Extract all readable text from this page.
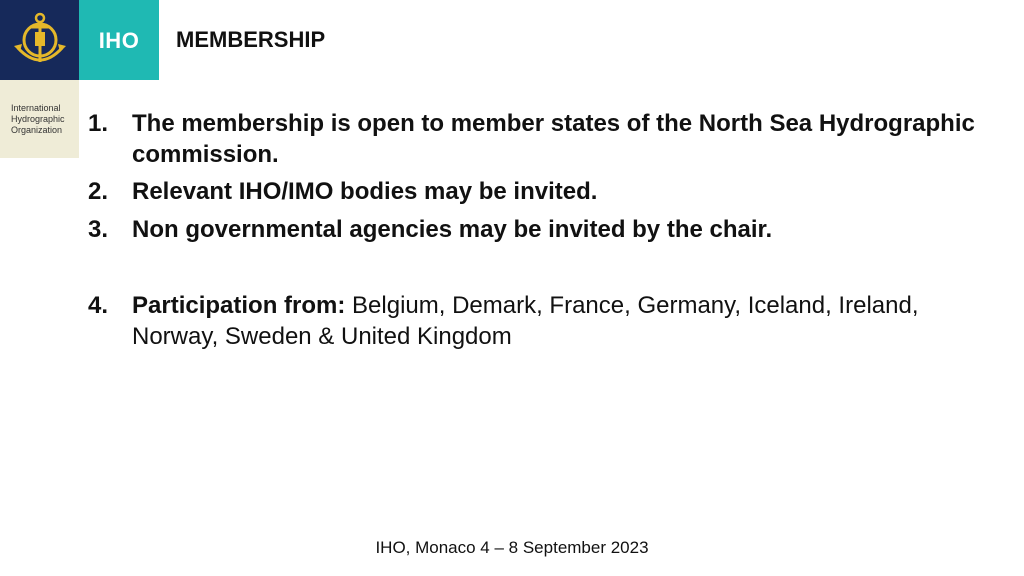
IHO
International
Hydrographic
Organization
MEMBERSHIP
1. The membership is open to member states of the North Sea Hydrographic commission.
2. Relevant IHO/IMO bodies may be invited.
3. Non governmental agencies may be invited by the chair.
4. Participation from: Belgium, Demark, France, Germany, Iceland, Ireland, Norway, Sweden & United Kingdom
IHO, Monaco 4 – 8 September 2023
